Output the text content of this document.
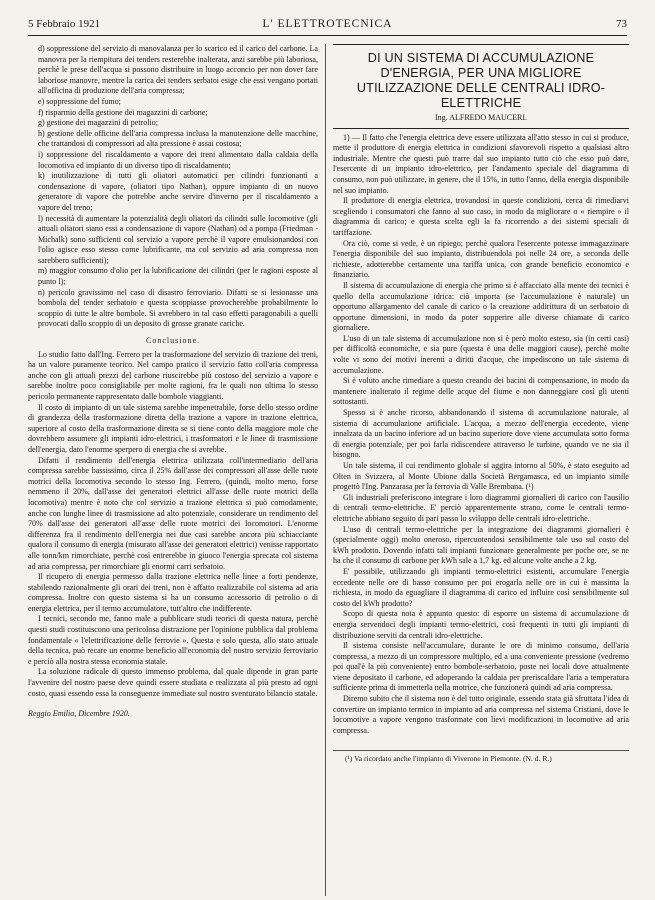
5 Febbraio 1921	L' ELETTROTECNICA	73

d) soppressione del servizio di manovalanza per lo scarico ed il carico del carbone. La manovra per la riempitura dei tenders resterebbe inalterata, anzi sarebbe più laboriosa, perchè le prese dell'acqua si possono distribuire in luogo acconcio per non dover fare laboriose manovre, mentre la carica dei tenders serbatoi esige che essi vengano portati all'officina di produzione dell'aria compressa;

e) soppressione del fumo;

f) risparmio della gestione dei magazzini di carbone;

g) gestione dei magazzini di petrolio;

h) gestione delle officine dell'aria compressa inclusa la manutenzione delle macchine, che trattandosi di compressori ad alta pressione è assai costosa;

i) soppressione del riscaldamento a vapore dei treni alimentato dalla caldaia della locomotiva ed impianto di un diverso tipo di riscaldamento;

k) inutilizzazione di tutti gli oliatori automatici per cilindri funzionanti a condensazione di vapore, (oliatori tipo Nathan), oppure impianto di un nuovo generatore di vapore che potrebbe anche servire d'inverno per il riscaldamento a vapore del treno;

l) necessità di aumentare la potenzialità degli oliatori da cilindri sulle locomotive (gli attuali oliatori siano essi a condensazione di vapore (Nathan) od a pompa (Friedman - Michalk) sono sufficienti col servizio a vapore perchè il vapore emulsionandosi con l'olio agisce esso stesso come lubrificante, ma col servizio ad aria compressa non sarebbero sufficienti);

m) maggior consumo d'olio per la lubrificazione dei cilindri (per le ragioni esposte al punto l);

n) pericolo gravissimo nel caso di disastro ferroviario. Difatti se si lesionasse una bombola del tender serbatoio e questa scoppiasse provocherebbe probabilmente lo scoppio di tutte le altre bombole. Si avrebbero in tal caso effetti paragonabili a quelli provocati dallo scoppio di un deposito di grosse granate cariche.

Conclusione.

Lo studio fatto dall'Ing. Ferrero per la trasformazione del servizio di trazione dei treni, ha un valore puramente teorico. Nel campo pratico il servizio fatto coll'aria compressa anche con gli attuali prezzi del carbone riuscirebbe più costoso del servizio a vapore e sarebbe inoltre poco consigliabile per molte ragioni, fra le quali non ultima lo stesso pericolo permanente rappresentato dalle bombole viaggianti.

Il costo di impianto di un tale sistema sarebbe impenetrabile, forse dello stesso ordine di grandezza della trasformazione diretta della trazione a vapore in trazione elettrica, superiore al costo della trasformazione diretta se si tiene conto della maggiore mole che dovrebbero assumere gli impianti idro-elettrici, i trasformatori e le linee di trasmissione dell'energia, dato l'enorme sperpero di energia che si avrebbe.

Difatti il rendimento dell'energia elettrica utilizzata coll'intermediario dell'aria compressa sarebbe bassissimo, circa il 25% dall'asse dei compressori all'asse delle ruote motrici della locomotiva secondo lo stesso Ing. Ferrero, (quindi, molto meno, forse nemmeno il 20%, dall'asse dei generatori elettrici all'asse delle ruote motrici della locomotiva) mentre è noto che col servizio a trazione elettrica si può comodamente, anche con lunghe linee di trasmissione ad alto potenziale, considerare un rendimento del 70% dall'asse dei generatori all'asse delle ruote motrici dei locomotori. L'enorme differenza fra il rendimento dell'energia nei due casi sarebbe ancora più schiacciante qualora il consumo di energia (misurato all'asse dei generatori elettrici) venisse rapportato alle tonn/km rimorchiate, perchè così entrerebbe in giuoco l'energia sprecata col sistema ad aria compressa, per rimorchiare gli enormi carri serbatoio.

Il ricupero di energia permesso dalla trazione elettrica nelle linee a forti pendenze, stabilendo razionalmente gli orari dei treni, non è affatto realizzabile col sistema ad aria compressa. Inoltre con questo sistema si ha un consumo accessorio di petrolio o di energia elettrica, per il termo accumulatore, tutt'altro che indifferente.

I tecnici, secondo me, fanno male a pubblicare studi teorici di questa natura, perchè questi studi costituiscono una pericolosa distrazione per l'opinione pubblica dal problema fondamentale « l'elettrificazione delle ferrovie ». Questa e solo questa, allo stato attuale della tecnica, può recare un enorme beneficio all'economia del nostro servizio ferroviario e perciò alla nostra stessa economia statale.

La soluzione radicale di questo immenso problema, dal quale dipende in gran parte l'avvenire del nostro paese deve quindi essere studiata e realizzata al più presto ad ogni costo, quasi essendo essa la conseguenze immediate sul nostro sventurato bilancio statale.

Reggio Emilia, Dicembre 1920.

DI UN SISTEMA DI ACCUMULAZIONE D'ENERGIA, PER UNA MIGLIORE UTILIZZAZIONE DELLE CENTRALI IDRO-ELETTRICHE
Ing. ALFREDO MAUCERI.

1) — Il fatto che l'energia elettrica deve essere utilizzata all'atto stesso in cui si produce, mette il produttore di energia elettrica in condizioni sfavorevoli rispetto a qualsiasi altro industriale. Mentre che questi può trarre dal suo impianto tutto ciò che esso può dare, l'esercente di un impianto idro-elettrico, per l'andamento speciale del diagramma di consumo, non può utilizzare, in genere, che il 15%, in tutto l'anno, della energia disponibile nel suo impianto.

Il produttore di energia elettrica, trovandosi in queste condizioni, cerca di rimediarvi scegliendo i consumatori che fanno al suo caso, in modo da migliorare o « riempire » il diagramma di carico; e questa scelta egli la fa ricorrendo a dei sistemi speciali di tariffazione.

Ora ciò, come si vede, è un ripiego; perchè qualora l'esercente potesse immagazzinare l'energia disponibile del suo impianto, distribuendola poi nelle 24 ore, a seconda delle richieste, adotterebbe certamente una tariffa unica, con grande beneficio economico e finanziario.

Il sistema di accumulazione di energia che primo si è affacciato alla mente dei tecnici è quello della accumulazione idrica: ciò importa (se l'accumulazione è naturale) un opportuno allargamento del canale di carico o la creazione addirittura di un serbatoio di opportune dimensioni, in modo da poter sopperire alle diverse chiamate di carico giornaliere.

L'uso di un tale sistema di accumulazione non si è però molto esteso, sia (in certi casi) per difficoltà economiche, e sia pure (questa è una delle maggiori cause), perchè molte volte vi sono dei motivi inerenti a diritti d'acque, che impediscono un tale sistema di accumulazione.

Si è voluto anche rimediare a questo creando dei bacini di compensazione, in modo da mantenere inalterato il regime delle acque del fiume e non danneggiare così gli utenti sottostanti.

Spesso si è anche ricorso, abbandonando il sistema di accumulazione naturale, al sistema di accumulazione artificiale. L'acqua, a mezzo dell'energia eccedente, viene innalzata da un bacino inferiore ad un bacino superiore dove viene accumulata sotto forma di energia potenziale, per poi farla ridiscendere attraverso le turbine, quando ve ne sia il bisogno.

Un tale sistema, il cui rendimento globale si aggira intorno al 50%, è stato eseguito ad Olten in Svizzera, al Monte Ubione dalla Società Bergamasca, ed un impianto simile progettò l'Ing. Panzarasa per la ferrovia di Valle Brembana. (¹)

Gli industriali preferiscono integrare i loro diagrammi giornalieri di carico con l'ausilio di centrali termo-elettriche. E' perciò apparentemente strano, come le centrali termo-elettriche abbiano seguito di pari passo lo sviluppo delle centrali idro-elettriche.

L'uso di centrali termo-elettriche per la integrazione dei diagrammi giornalieri è (specialmente oggi) molto oneroso, ripercuotendosi sensibilmente tale uso sul costo del kWh prodotto. Dovendo infatti tali impianti funzionare generalmente per poche ore, se ne ha che il consumo di carbone per kWh sale a 1,7 kg. ed alcune volte anche a 2 kg.

E' possibile, utilizzando gli impianti termo-elettrici esistenti, accumulare l'energia eccedente nelle ore di basso consumo per poi erogarla nelle ore in cui è massima la richiesta, in modo da eguagliare il diagramma di carico ed influire così sensibilmente sul costo del kWh prodotto?

Scopo di questa nota è appunto questo: di esporre un sistema di accumulazione di energia servendoci degli impianti termo-elettrici, così frequenti in tutti gli impianti di distribuzione serviti da centrali idro-elettriche.

Il sistema consiste nell'accumulare, durante le ore di minimo consumo, dell'aria compressa, a mezzo di un compressore multiplo, ed a una conveniente pressione (vedremo poi qual'è la più conveniente) entro bombole-serbatoio, poste nei locali dove attualmente viene depositato il carbone, ed adoperando la caldaia per preriscaldare l'aria a temperatura sufficiente prima di immetterla nella motrice, che funzionerà quindi ad aria compressa.

Diremo subito che il sistema non è del tutto originale, essendo stata già sfruttata l'idea di convertire un impianto termico in impianto ad aria compressa nel sistema Cristiani, dove le locomotive a vapore vengono trasformate con lievi modificazioni in locomotive ad aria compressa.

(¹) Va ricordato anche l'impianto di Viverone in Piemonte. (N. d. R.)
